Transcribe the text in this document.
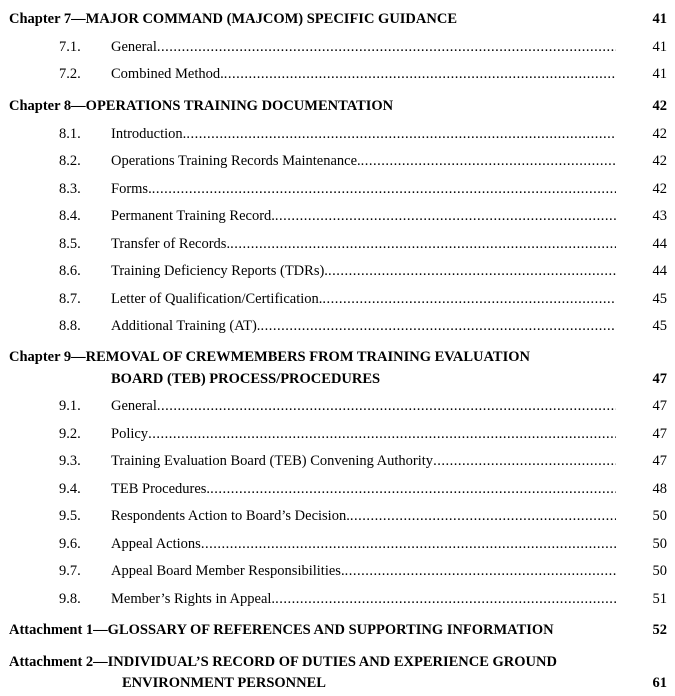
Chapter 7—MAJOR COMMAND (MAJCOM) SPECIFIC GUIDANCE	41
7.1. General .....	41
7.2. Combined Method. .....	41
Chapter 8—OPERATIONS TRAINING DOCUMENTATION	42
8.1. Introduction. .....	42
8.2. Operations Training Records Maintenance. .....	42
8.3. Forms. .....	42
8.4. Permanent Training Record. .....	43
8.5. Transfer of Records. .....	44
8.6. Training Deficiency Reports (TDRs). .....	44
8.7. Letter of Qualification/Certification. .....	45
8.8. Additional Training (AT). .....	45
Chapter 9—REMOVAL OF CREWMEMBERS FROM TRAINING EVALUATION
BOARD (TEB) PROCESS/PROCEDURES	47
9.1. General .....	47
9.2. Policy .....	47
9.3. Training Evaluation Board (TEB) Convening Authority .....	47
9.4. TEB Procedures. .....	48
9.5. Respondents Action to Board’s Decision. .....	50
9.6. Appeal Actions .....	50
9.7. Appeal Board Member Responsibilities. .....	50
9.8. Member’s Rights in Appeal. .....	51
Attachment 1—GLOSSARY OF REFERENCES AND SUPPORTING INFORMATION	52
Attachment 2—INDIVIDUAL’S RECORD OF DUTIES AND EXPERIENCE GROUND
ENVIRONMENT PERSONNEL	61
